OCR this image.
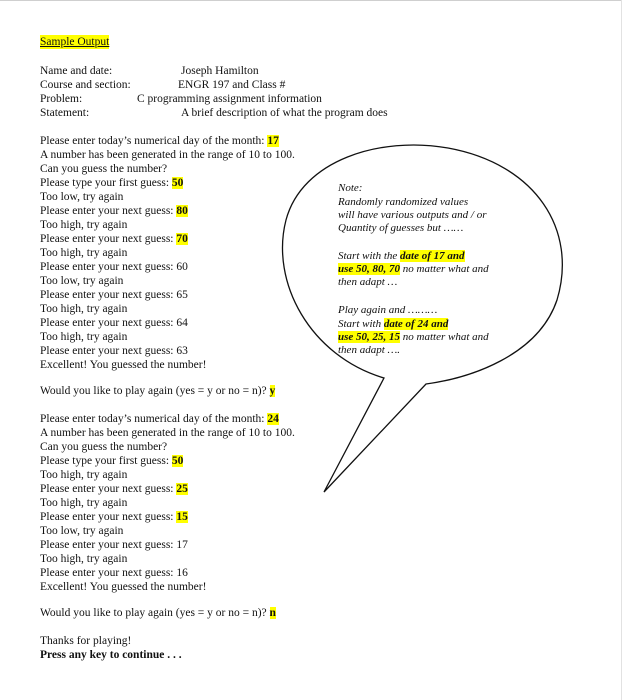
Sample Output
Name and date:	Joseph Hamilton
Course and section:	ENGR 197 and Class #
Problem:	C programming assignment information
Statement:	A brief description of what the program does
Please enter today’s numerical day of the month: 17
A number has been generated in the range of 10 to 100.
Can you guess the number?
Please type your first guess: 50
Too low, try again
Please enter your next guess: 80
Too high, try again
Please enter your next guess: 70
Too high, try again
Please enter your next guess: 60
Too low, try again
Please enter your next guess: 65
Too high, try again
Please enter your next guess: 64
Too high, try again
Please enter your next guess: 63
Excellent! You guessed the number!
Would you like to play again (yes = y or no = n)? y
Please enter today’s numerical day of the month: 24
A number has been generated in the range of 10 to 100.
Can you guess the number?
Please type your first guess: 50
Too high, try again
Please enter your next guess: 25
Too high, try again
Please enter your next guess: 15
Too low, try again
Please enter your next guess: 17
Too high, try again
Please enter your next guess: 16
Excellent! You guessed the number!
Would you like to play again (yes = y or no = n)? n
Thanks for playing!
Press any key to continue . . .
Note:
Randomly randomized values
will have various outputs and / or
Quantity of guesses but ……
Start with the date of 17 and
use 50, 80, 70 no matter what and
then adapt …
Play again and ………
Start with date of 24 and
use 50, 25, 15 no matter what and
then adapt ….
